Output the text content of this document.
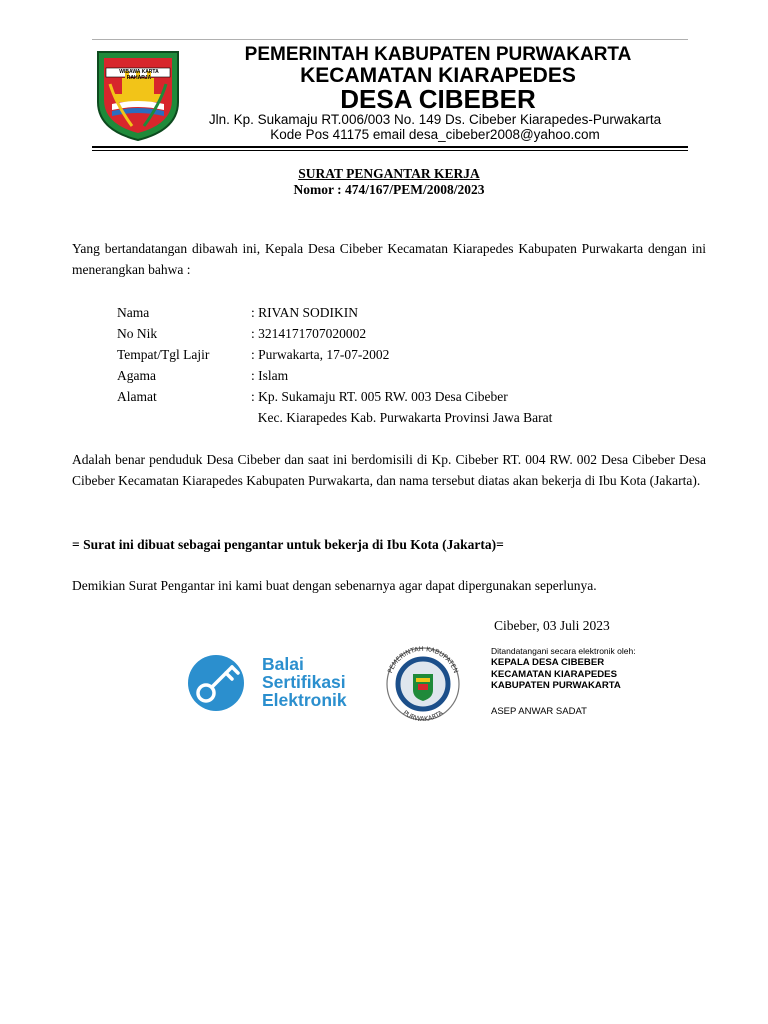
WIBAWA KARTA RAHARJA
PEMERINTAH KABUPATEN PURWAKARTA
KECAMATAN KIARAPEDES
DESA CIBEBER
Jln. Kp. Sukamaju RT.006/003 No. 149 Ds. Cibeber Kiarapedes-Purwakarta
Kode Pos 41175 email desa_cibeber2008@yahoo.com
SURAT PENGANTAR KERJA
Nomor : 474/167/PEM/2008/2023
Yang bertandatangan dibawah ini, Kepala Desa Cibeber Kecamatan Kiarapedes Kabupaten Purwakarta dengan ini menerangkan bahwa :
Nama	: RIVAN SODIKIN
No Nik	: 3214171707020002
Tempat/Tgl Lajir	: Purwakarta, 17-07-2002
Agama	: Islam
Alamat	: Kp. Sukamaju RT. 005 RW. 003 Desa Cibeber
Kec. Kiarapedes Kab. Purwakarta Provinsi Jawa Barat
Adalah benar penduduk Desa Cibeber dan saat ini berdomisili di Kp. Cibeber RT. 004 RW. 002 Desa Cibeber Desa Cibeber Kecamatan Kiarapedes Kabupaten Purwakarta, dan nama tersebut diatas akan bekerja di Ibu Kota (Jakarta).
= Surat ini dibuat sebagai pengantar untuk bekerja di Ibu Kota (Jakarta)=
Demikian Surat Pengantar ini kami buat dengan sebenarnya agar dapat dipergunakan seperlunya.
Cibeber, 03 Juli 2023
Balai
Sertifikasi
Elektronik
PEMERINTAH KABUPATEN
PURWAKARTA
Ditandatangani secara elektronik oleh:
KEPALA DESA CIBEBER
KECAMATAN KIARAPEDES
KABUPATEN PURWAKARTA
ASEP ANWAR SADAT
